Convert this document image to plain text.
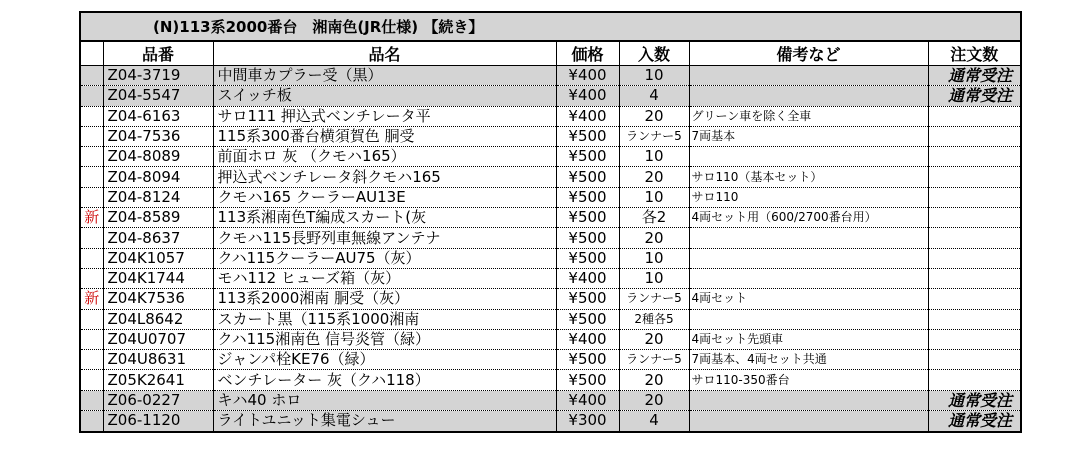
(N)113系2000番台　湘南色(JR仕様) 【続き】
	品番	品名	価格	入数	備考など	注文数
	Z04-3719	中間車カプラー受（黒）	¥400	10		通常受注
	Z04-5547	スイッチ板	¥400	4		通常受注
	Z04-6163	サロ111 押込式ベンチレータ平	¥400	20	グリーン車を除く全車	
	Z04-7536	115系300番台横須賀色 胴受	¥500	ランナー5	7両基本	
	Z04-8089	前面ホロ 灰 （クモハ165）	¥500	10		
	Z04-8094	押込式ベンチレータ斜クモハ165	¥500	20	サロ110（基本セット）	
	Z04-8124	クモハ165 クーラーAU13E	¥500	10	サロ110	
新	Z04-8589	113系湘南色T編成スカート(灰	¥500	各2	4両セット用（600/2700番台用）	
	Z04-8637	クモハ115長野列車無線アンテナ	¥500	20		
	Z04K1057	クハ115クーラーAU75（灰）	¥500	10		
	Z04K1744	モハ112 ヒューズ箱（灰）	¥400	10		
新	Z04K7536	113系2000湘南 胴受（灰）	¥500	ランナー5	4両セット	
	Z04L8642	スカート黒（115系1000湘南	¥500	2種各5		
	Z04U0707	クハ115湘南色 信号炎管（緑）	¥400	20	4両セット先頭車	
	Z04U8631	ジャンパ栓KE76（緑）	¥500	ランナー5	7両基本、4両セット共通	
	Z05K2641	ベンチレーター 灰（クハ118）	¥500	20	サロ110-350番台	
	Z06-0227	キハ40 ホロ	¥400	20		通常受注
	Z06-1120	ライトユニット集電シュー	¥300	4		通常受注
